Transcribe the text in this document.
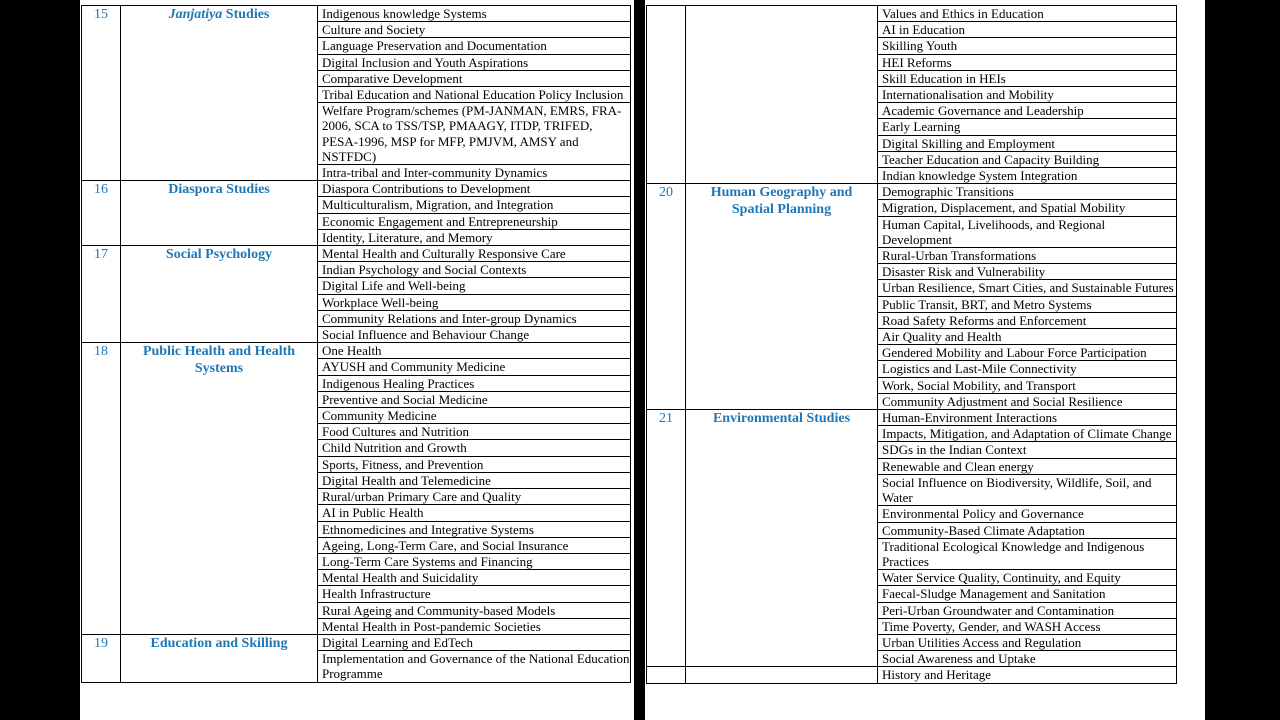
15	Janjatiya Studies	Indigenous knowledge Systems
		Culture and Society
		Language Preservation and Documentation
		Digital Inclusion and Youth Aspirations
		Comparative Development
		Tribal Education and National Education Policy Inclusion
		Welfare Program/schemes (PM-JANMAN, EMRS, FRA-2006, SCA to TSS/TSP, PMAAGY, ITDP, TRIFED, PESA-1996, MSP for MFP, PMJVM, AMSY and NSTFDC)
		Intra-tribal and Inter-community Dynamics
16	Diaspora Studies	Diaspora Contributions to Development
		Multiculturalism, Migration, and Integration
		Economic Engagement and Entrepreneurship
		Identity, Literature, and Memory
17	Social Psychology	Mental Health and Culturally Responsive Care
		Indian Psychology and Social Contexts
		Digital Life and Well-being
		Workplace Well-being
		Community Relations and Inter-group Dynamics
		Social Influence and Behaviour Change
18	Public Health and Health Systems	One Health
		AYUSH and Community Medicine
		Indigenous Healing Practices
		Preventive and Social Medicine
		Community Medicine
		Food Cultures and Nutrition
		Child Nutrition and Growth
		Sports, Fitness, and Prevention
		Digital Health and Telemedicine
		Rural/urban Primary Care and Quality
		AI in Public Health
		Ethnomedicines and Integrative Systems
		Ageing, Long-Term Care, and Social Insurance
		Long-Term Care Systems and Financing
		Mental Health and Suicidality
		Health Infrastructure
		Rural Ageing and Community-based Models
		Mental Health in Post-pandemic Societies
19	Education and Skilling	Digital Learning and EdTech
		Implementation and Governance of the National Education Programme
		Values and Ethics in Education
		AI in Education
		Skilling Youth
		HEI Reforms
		Skill Education in HEIs
		Internationalisation and Mobility
		Academic Governance and Leadership
		Early Learning
		Digital Skilling and Employment
		Teacher Education and Capacity Building
		Indian knowledge System Integration
20	Human Geography and Spatial Planning	Demographic Transitions
		Migration, Displacement, and Spatial Mobility
		Human Capital, Livelihoods, and Regional Development
		Rural-Urban Transformations
		Disaster Risk and Vulnerability
		Urban Resilience, Smart Cities, and Sustainable Futures
		Public Transit, BRT, and Metro Systems
		Road Safety Reforms and Enforcement
		Air Quality and Health
		Gendered Mobility and Labour Force Participation
		Logistics and Last-Mile Connectivity
		Work, Social Mobility, and Transport
		Community Adjustment and Social Resilience
21	Environmental Studies	Human-Environment Interactions
		Impacts, Mitigation, and Adaptation of Climate Change
		SDGs in the Indian Context
		Renewable and Clean energy
		Social Influence on Biodiversity, Wildlife, Soil, and Water
		Environmental Policy and Governance
		Community-Based Climate Adaptation
		Traditional Ecological Knowledge and Indigenous Practices
		Water Service Quality, Continuity, and Equity
		Faecal-Sludge Management and Sanitation
		Peri-Urban Groundwater and Contamination
		Time Poverty, Gender, and WASH Access
		Urban Utilities Access and Regulation
		Social Awareness and Uptake
		History and Heritage
